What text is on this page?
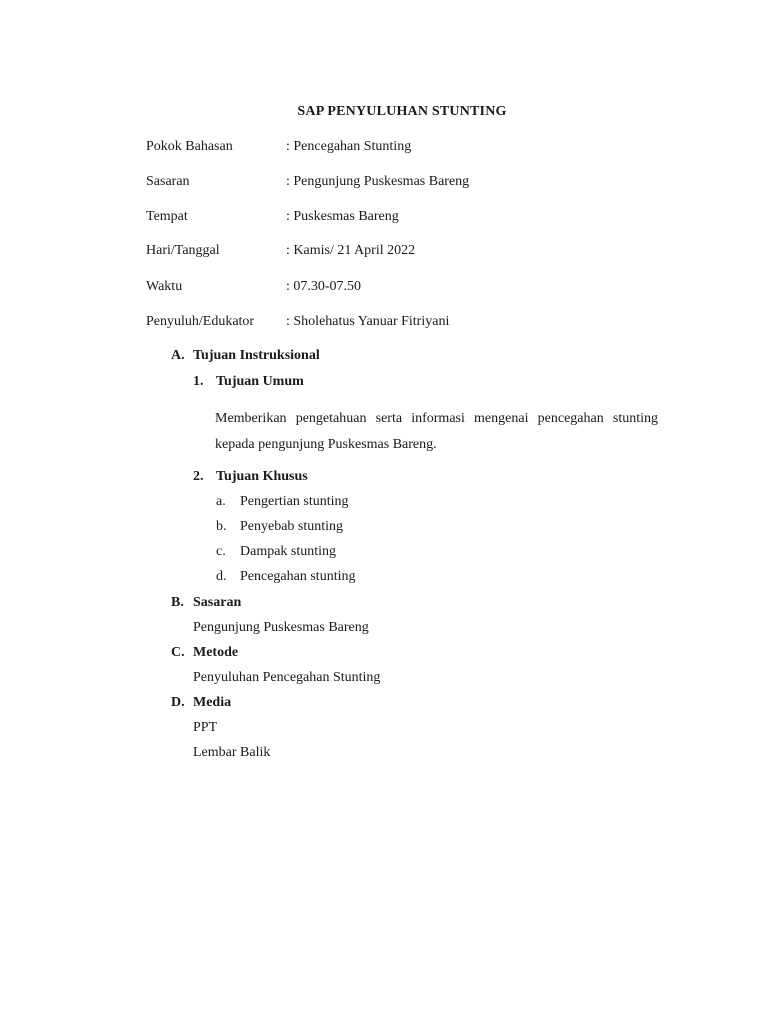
SAP PENYULUHAN STUNTING
Pokok Bahasan	: Pencegahan Stunting
Sasaran	: Pengunjung Puskesmas Bareng
Tempat	: Puskesmas Bareng
Hari/Tanggal	: Kamis/ 21 April 2022
Waktu	: 07.30-07.50
Penyuluh/Edukator : Sholehatus Yanuar Fitriyani
A. Tujuan Instruksional
1. Tujuan Umum
Memberikan pengetahuan serta informasi mengenai pencegahan stunting kepada pengunjung Puskesmas Bareng.
2. Tujuan Khusus
a. Pengertian stunting
b. Penyebab stunting
c. Dampak stunting
d. Pencegahan stunting
B. Sasaran
Pengunjung Puskesmas Bareng
C. Metode
Penyuluhan Pencegahan Stunting
D. Media
PPT
Lembar Balik
